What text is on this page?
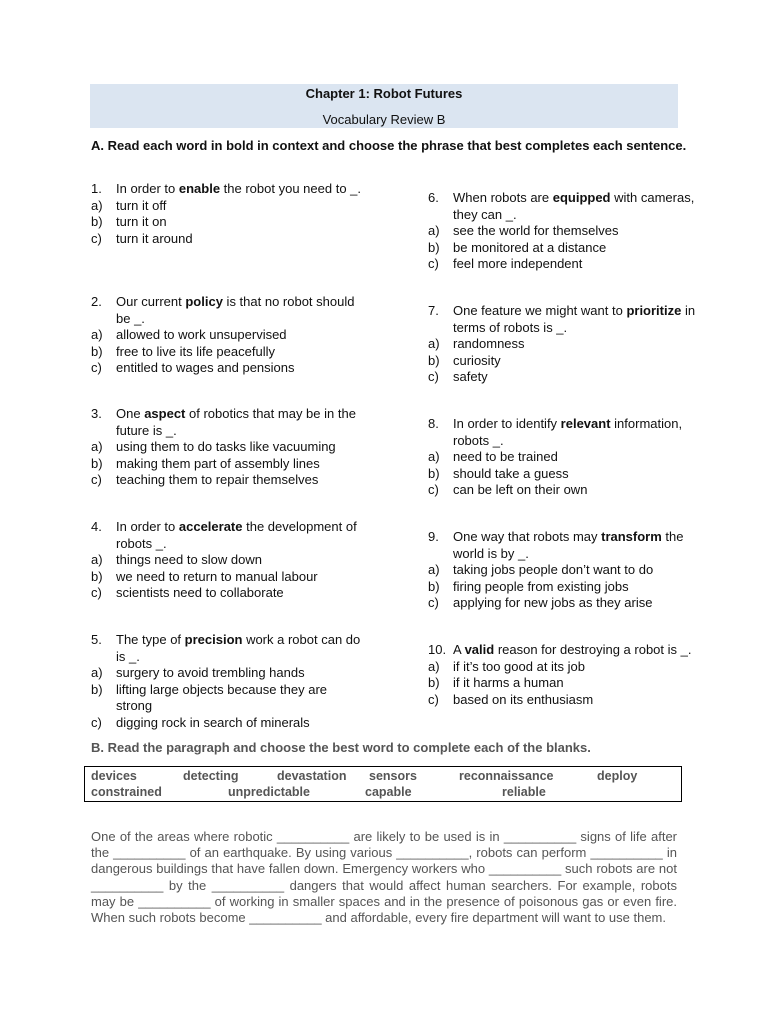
Chapter 1: Robot Futures
Vocabulary Review B
A. Read each word in bold in context and choose the phrase that best completes each sentence.
1. In order to enable the robot you need to _.
a) turn it off
b) turn it on
c) turn it around
2. Our current policy is that no robot should be _.
a) allowed to work unsupervised
b) free to live its life peacefully
c) entitled to wages and pensions
3. One aspect of robotics that may be in the future is _.
a) using them to do tasks like vacuuming
b) making them part of assembly lines
c) teaching them to repair themselves
4. In order to accelerate the development of robots _.
a) things need to slow down
b) we need to return to manual labour
c) scientists need to collaborate
5. The type of precision work a robot can do is _.
a) surgery to avoid trembling hands
b) lifting large objects because they are strong
c) digging rock in search of minerals
6. When robots are equipped with cameras, they can _.
a) see the world for themselves
b) be monitored at a distance
c) feel more independent
7. One feature we might want to prioritize in terms of robots is _.
a) randomness
b) curiosity
c) safety
8. In order to identify relevant information, robots _.
a) need to be trained
b) should take a guess
c) can be left on their own
9. One way that robots may transform the world is by _.
a) taking jobs people don’t want to do
b) firing people from existing jobs
c) applying for new jobs as they arise
10. A valid reason for destroying a robot is _.
a) if it’s too good at its job
b) if it harms a human
c) based on its enthusiasm
B. Read the paragraph and choose the best word to complete each of the blanks.
devices	detecting	devastation sensors	reconnaissance	deploy
constrained	unpredictable	capable	reliable
One of the areas where robotic __________ are likely to be used is in __________ signs of life after the __________ of an earthquake. By using various __________, robots can perform __________ in dangerous buildings that have fallen down. Emergency workers who __________ such robots are not __________ by the __________ dangers that would affect human searchers. For example, robots may be __________ of working in smaller spaces and in the presence of poisonous gas or even fire. When such robots become __________ and affordable, every fire department will want to use them.
